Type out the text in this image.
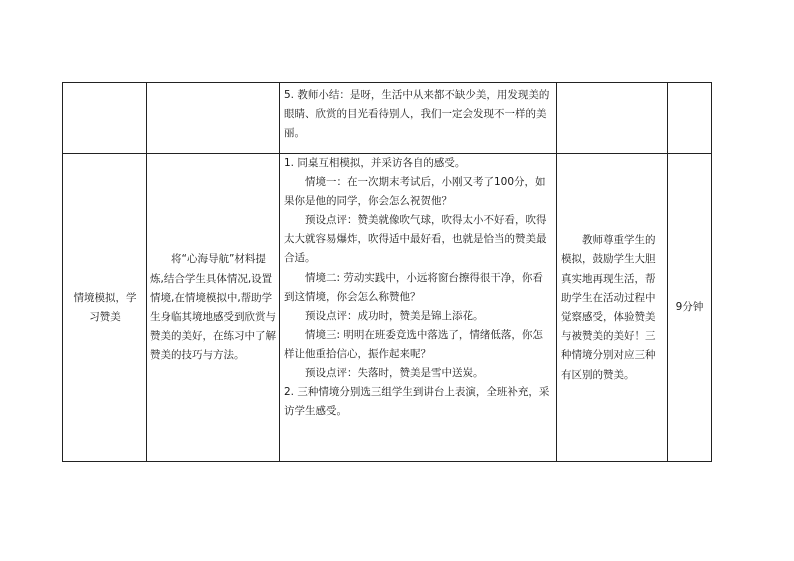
5. 教师小结：是呀，生活中从来都不缺少美，用发现美的眼睛、欣赏的目光看待别人，我们一定会发现不一样的美丽。

情境模拟，学习赞美

将“心海导航”材料提炼,结合学生具体情况,设置情境,在情境模拟中,帮助学生身临其境地感受到欣赏与赞美的美好，在练习中了解赞美的技巧与方法。

1. 同桌互相模拟，并采访各自的感受。

情境一：在一次期末考试后，小刚又考了100分，如果你是他的同学，你会怎么祝贺他？

预设点评：赞美就像吹气球，吹得太小不好看，吹得太大就容易爆炸，吹得适中最好看，也就是恰当的赞美最合适。

情境二: 劳动实践中，小远将窗台擦得很干净，你看到这情境，你会怎么称赞他？

预设点评：成功时，赞美是锦上添花。

情境三: 明明在班委竞选中落选了，情绪低落，你怎样让他重拾信心，振作起来呢？

预设点评：失落时，赞美是雪中送炭。

2. 三种情境分别选三组学生到讲台上表演，全班补充，采访学生感受。

教师尊重学生的模拟，鼓励学生大胆真实地再现生活，帮助学生在活动过程中觉察感受，体验赞美与被赞美的美好！三种情境分别对应三种有区别的赞美。

9分钟
